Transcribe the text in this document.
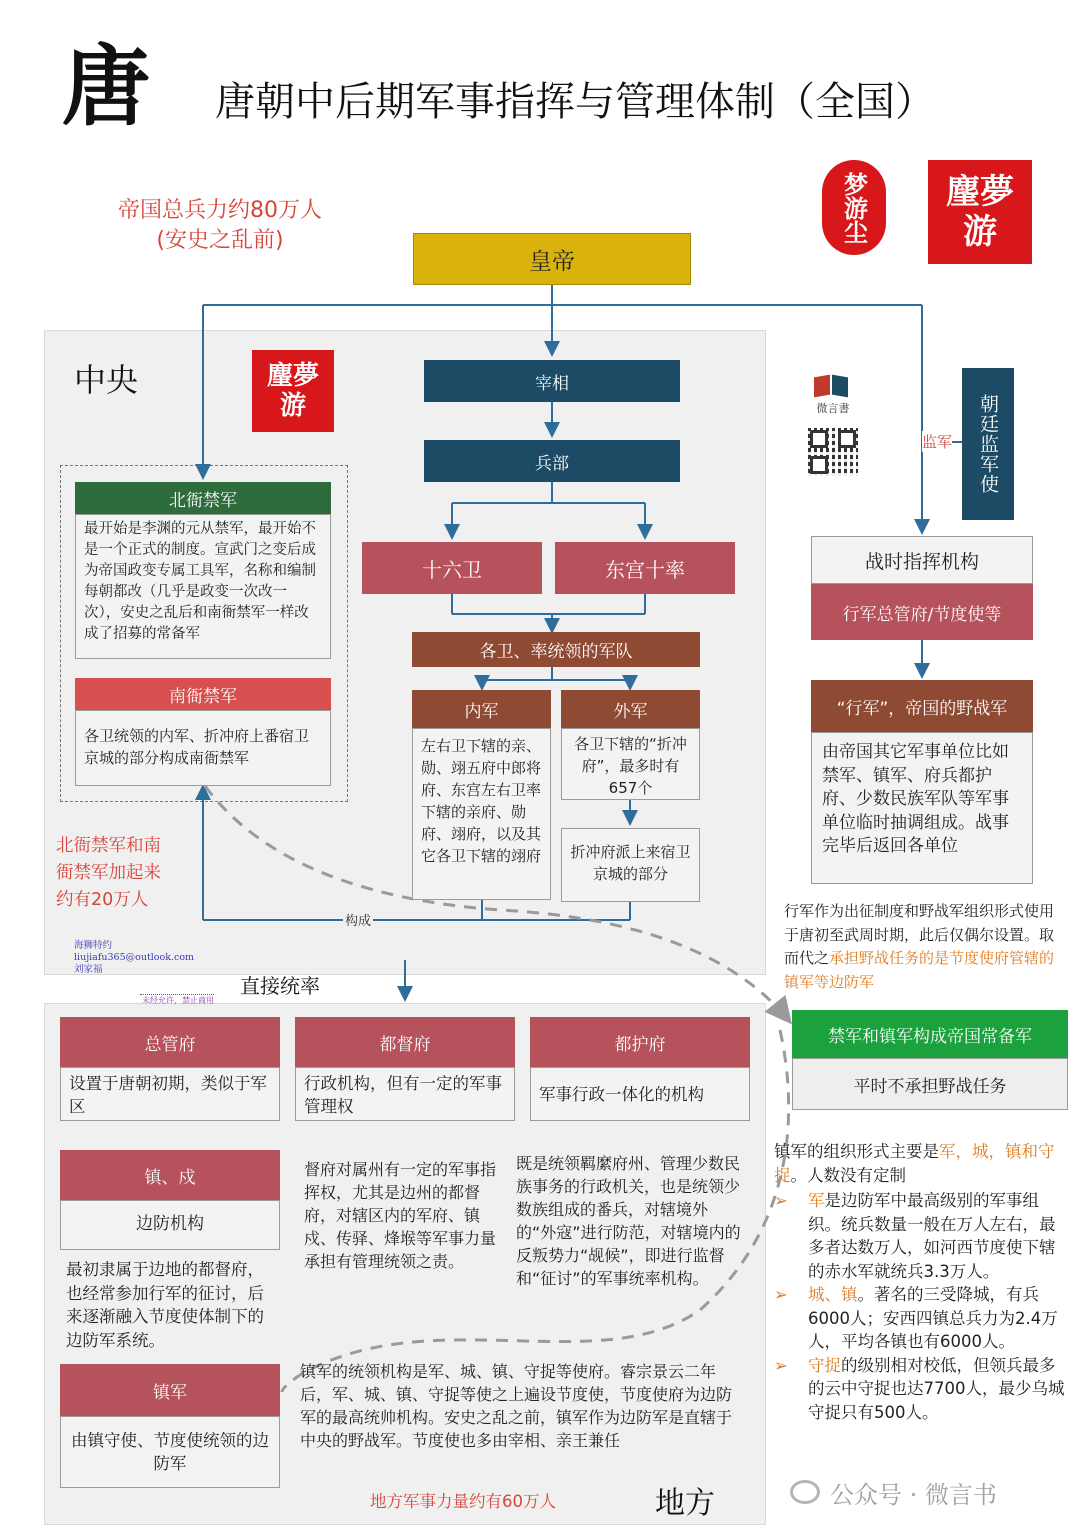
唐	唐朝中后期军事指挥与管理体制（全国）
梦游尘 麈夢游
帝国总兵力约80万人
(安史之乱前)
皇帝
中央	麈夢游
宰相
兵部
十六卫	东宫十率
各卫、率统领的军队
内军
左右卫下辖的亲、勋、翊五府中郎将府、东宫左右卫率下辖的亲府、勋府、翊府，以及其它各卫下辖的翊府
外军
各卫下辖的“折冲府”，最多时有657个
折冲府派上来宿卫京城的部分
北衙禁军
最开始是李渊的元从禁军，最开始不是一个正式的制度。宣武门之变后成为帝国政变专属工具军，名称和编制每朝都改（几乎是政变一次改一次），安史之乱后和南衙禁军一样改成了招募的常备军
南衙禁军
各卫统领的内军、折冲府上番宿卫京城的部分构成南衙禁军
北衙禁军和南
衙禁军加起来
约有20万人
构成
海狮特约
liujiafu365@outlook.com
刘家福
未经允许，禁止商用
直接统率
微言書	朝廷监军使
监军
战时指挥机构
行军总管府/节度使等
“行军”，帝国的野战军
由帝国其它军事单位比如禁军、镇军、府兵都护府、少数民族军队等军事单位临时抽调组成。战事完毕后返回各单位
行军作为出征制度和野战军组织形式使用于唐初至武周时期，此后仅偶尔设置。取而代之承担野战任务的是节度使府管辖的镇军等边防军
禁军和镇军构成帝国常备军
平时不承担野战任务
镇军的组织形式主要是军，城，镇和守捉。人数没有定制
➢	军是边防军中最高级别的军事组织。统兵数量一般在万人左右，最多者达数万人，如河西节度使下辖的赤水军就统兵3.3万人。
➢	城、镇。著名的三受降城，有兵6000人；安西四镇总兵力为2.4万人，平均各镇也有6000人。
➢	守捉的级别相对校低，但领兵最多的云中守捉也达7700人，最少乌城守捉只有500人。
总管府
设置于唐朝初期，类似于军区
都督府
行政机构，但有一定的军事管理权
都护府
军事行政一体化的机构
督府对属州有一定的军事指挥权，尤其是边州的都督府，对辖区内的军府、镇戍、传驿、烽堠等军事力量承担有管理统领之责。
既是统领羁縻府州、管理少数民族事务的行政机关，也是统领少数族组成的番兵，对辖境外的“外寇”进行防范，对辖境内的反叛势力“觇候”，即进行监督和“征讨”的军事统率机构。
镇、戍
边防机构
最初隶属于边地的都督府，也经常参加行军的征讨，后来逐渐融入节度使体制下的边防军系统。
镇军
由镇守使、节度使统领的边防军
镇军的统领机构是军、城、镇、守捉等使府。睿宗景云二年后，军、城、镇、守捉等使之上遍设节度使，节度使府为边防军的最高统帅机构。安史之乱之前，镇军作为边防军是直辖于中央的野战军。节度使也多由宰相、亲王兼任
地方军事力量约有60万人	地方	公众号 · 微言书
